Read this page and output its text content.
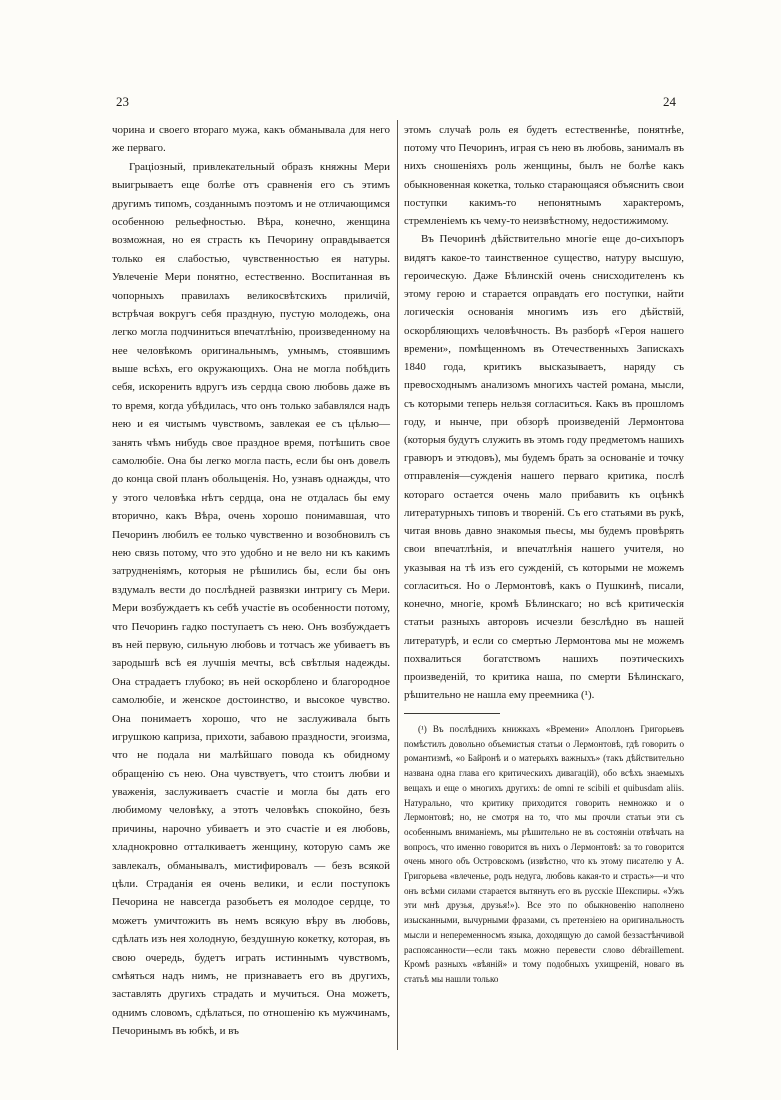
23	24

чорина и своего втораго мужа, какъ обманывала для него же перваго.

Граціозный, привлекательный образъ княжны Мери выигрываетъ еще болѣе отъ сравненія его съ этимъ другимъ типомъ, созданнымъ поэтомъ и не отличающимся особенною рельефностью. Вѣра, конечно, женщина возможная, но ея страсть къ Печорину оправдывается только ея слабостью, чувственностью ея натуры. Увлеченіе Мери понятно, естественно. Воспитанная въ чопорныхъ правилахъ великосвѣтскихъ приличій, встрѣчая вокругъ себя праздную, пустую молодежь, она легко могла подчиниться впечатлѣнію, произведенному на нее человѣкомъ оригинальнымъ, умнымъ, стоявшимъ выше всѣхъ, его окружающихъ. Она не могла побѣдить себя, искоренить вдругъ изъ сердца свою любовь даже въ то время, когда убѣдилась, что онъ только забавлялся надъ нею и ея чистымъ чувствомъ, завлекая ее съ цѣлью—занять чѣмъ нибудь свое праздное время, потѣшить свое самолюбіе. Она бы легко могла пасть, если бы онъ довелъ до конца свой планъ обольщенія. Но, узнавъ однажды, что у этого человѣка нѣтъ сердца, она не отдалась бы ему вторично, какъ Вѣра, очень хорошо понимавшая, что Печоринъ любилъ ее только чувственно и возобновилъ съ нею связь потому, что это удобно и не вело ни къ какимъ затрудненіямъ, которыя не рѣшились бы, если бы онъ вздумалъ вести до послѣдней развязки интригу съ Мери. Мери возбуждаетъ къ себѣ участіе въ особенности потому, что Печоринъ гадко поступаетъ съ нею. Онъ возбуждаетъ въ ней первую, сильную любовь и тотчасъ же убиваетъ въ зародышѣ всѣ ея лучшія мечты, всѣ свѣтлыя надежды. Она страдаетъ глубоко; въ ней оскорблено и благородное самолюбіе, и женское достоинство, и высокое чувство. Она понимаетъ хорошо, что не заслуживала быть игрушкою каприза, прихоти, забавою праздности, эгоизма, что не подала ни малѣйшаго повода къ обидному обращенію съ нею. Она чувствуетъ, что стоитъ любви и уваженія, заслуживаетъ счастіе и могла бы дать его любимому человѣку, а этотъ человѣкъ спокойно, безъ причины, нарочно убиваетъ и это счастіе и ея любовь, хладнокровно отталкиваетъ женщину, которую самъ же завлекалъ, обманывалъ, мистифировалъ — безъ всякой цѣли. Страданія ея очень велики, и если поступокъ Печорина не навсегда разобьетъ ея молодое сердце, то можетъ умичтожить въ немъ всякую вѣру въ любовь, сдѣлать изъ нея холодную, бездушную кокетку, которая, въ свою очередь, будетъ играть истиннымъ чувствомъ, смѣяться надъ нимъ, не признаваетъ его въ другихъ, заставлять другихъ страдать и мучиться. Она можетъ, однимъ словомъ, сдѣлаться, по отношенію къ мужчинамъ, Печоринымъ въ юбкѣ, и въ

этомъ случаѣ роль ея будетъ естественнѣе, понятнѣе, потому что Печоринъ, играя съ нею въ любовь, занималъ въ нихъ сношеніяхъ роль женщины, былъ не болѣе какъ обыкновенная кокетка, только старающаяся объяснить свои поступки какимъ-то непонятнымъ характеромъ, стремленіемъ къ чему-то неизвѣстному, недостижимому.

Въ Печоринѣ дѣйствительно многіе еще до-сихъпоръ видятъ какое-то таинственное существо, натуру высшую, героическую. Даже Бѣлинскій очень снисходителенъ къ этому герою и старается оправдать его поступки, найти логическія основанія многимъ изъ его дѣйствій, оскорбляющихъ человѣчность. Въ разборѣ «Героя нашего времени», помѣщенномъ въ Отечественныхъ Запискахъ 1840 года, критикъ высказываетъ, наряду съ превосходнымъ анализомъ многихъ частей романа, мысли, съ которыми теперь нельзя согласиться. Какъ въ прошломъ году, и нынче, при обзорѣ произведеній Лермонтова (которыя будутъ служить въ этомъ году предметомъ нашихъ гравюръ и этюдовъ), мы будемъ брать за основаніе и точку отправленія—сужденія нашего перваго критика, послѣ котораго остается очень мало прибавить къ оцѣнкѣ литературныхъ типовъ и твореній. Съ его статьями въ рукѣ, читая вновь давно знакомыя пьесы, мы будемъ провѣрять свои впечатлѣнія, и впечатлѣнія нашего учителя, но указывая на тѣ изъ его сужденій, съ которыми не можемъ согласиться. Но о Лермонтовѣ, какъ о Пушкинѣ, писали, конечно, многіе, кромѣ Бѣлинскаго; но всѣ критическія статьи разныхъ авторовъ исчезли безслѣдно въ нашей литературѣ, и если со смертью Лермонтова мы не можемъ похвалиться богатствомъ нашихъ поэтическихъ произведеній, то критика наша, по смерти Бѣлинскаго, рѣшительно не нашла ему преемника (¹).

(¹) Въ послѣднихъ книжкахъ «Времени» Аполлонъ Григорьевъ помѣстилъ довольно объемистыя статьи о Лермонтовѣ, гдѣ говорить о романтизмѣ, «о Байронѣ и о матерьяхъ важныхъ» (такъ дѣйствительно названа одна глава его критическихъ дивагацій), обо всѣхъ знаемыхъ вещахъ и еще о многихъ другихъ: de omni re scibili et quibusdam aliis. Натурально, что критику приходится говорить немножко и о Лермонтовѣ; но, не смотря на то, что мы прочли статьи эти съ особеннымъ вниманіемъ, мы рѣшительно не въ состояніи отвѣчать на вопросъ, что именно говорится въ нихъ о Лермонтовѣ: за то говорится очень много объ Островскомъ (извѣстно, что къ этому писателю у А. Григорьева «влеченье, родъ недуга, любовь какая-то и страсть»—и что онъ всѣми силами старается вытянуть его въ русскіе Шекспиры. «Ужъ эти мнѣ друзья, друзья!»). Все это по обыкновенію наполнено изысканными, вычурными фразами, съ претензіею на оригинальность мысли и непеременносмъ языка, доходящую до самой беззастѣнчивой распоясанности—если такъ можно перевести слово débraillement. Кромѣ разныхъ «вѣяній» и тому подобныхъ ухищреній, новаго въ статьѣ мы нашли только
